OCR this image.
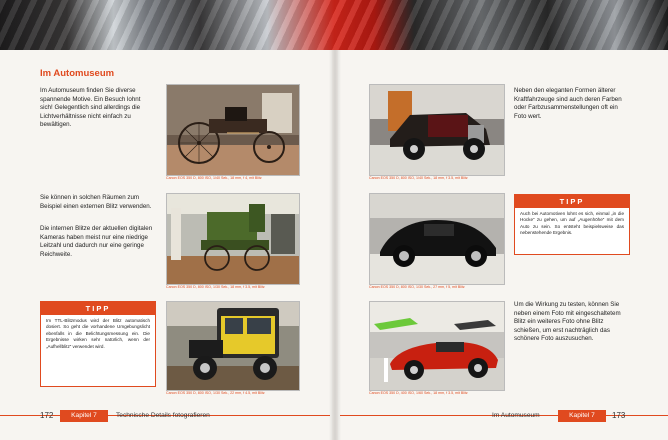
Im Automuseum

Im Automuseum finden Sie diverse spannende Motive. Ein Besuch lohnt sich! Gelegentlich sind allerdings die Lichtverhältnisse nicht einfach zu bewältigen.

Sie können in solchen Räumen zum Beispiel einen externen Blitz verwenden.

Die internen Blitze der aktuellen digitalen Kameras haben meist nur eine niedrige Leitzahl und dadurch nur eine geringe Reichweite.

TIPP

Im TTL-Blitzmodus wird der Blitz automatisch dosiert. So geht die vorhandene Umgebungslicht ebenfalls in die Belichtungsmessung ein. Die Ergebnisse wirken sehr natürlich, wenn der „Aufhellblitz“ verwendet wird.

Canon EOS 350 D, 800 ISO, 1/40 Sek., 18 mm, f 4, mit Blitz

Canon EOS 350 D, 800 ISO, 1/30 Sek., 18 mm, f 3.5, mit Blitz

Canon EOS 350 D, 800 ISO, 1/30 Sek., 22 mm, f 4.5, mit Blitz

Canon EOS 350 D, 800 ISO, 1/40 Sek., 18 mm, f 3.5, mit Blitz

Canon EOS 350 D, 800 ISO, 1/30 Sek., 27 mm, f 5, mit Blitz

Canon EOS 350 D, 400 ISO, 1/60 Sek., 18 mm, f 3.5, mit Blitz

Neben den eleganten Formen älterer Kraftfahrzeuge sind auch deren Farben oder Farbzusammenstellungen oft ein Foto wert.

TIPP

Auch bei Automotiven lohnt es sich, einmal „in die Hocke“ zu gehen, um auf „Augenhöhe“ mit dem Auto zu sein. So entsteht beispielsweise das nebenstehende Ergebnis.

Um die Wirkung zu testen, können Sie neben einem Foto mit eingeschaltetem Blitz ein weiteres Foto ohne Blitz schießen, um erst nachträglich das schönere Foto auszusuchen.

172	Kapitel 7	Technische Details fotografieren	Im Automuseum	Kapitel 7	173
